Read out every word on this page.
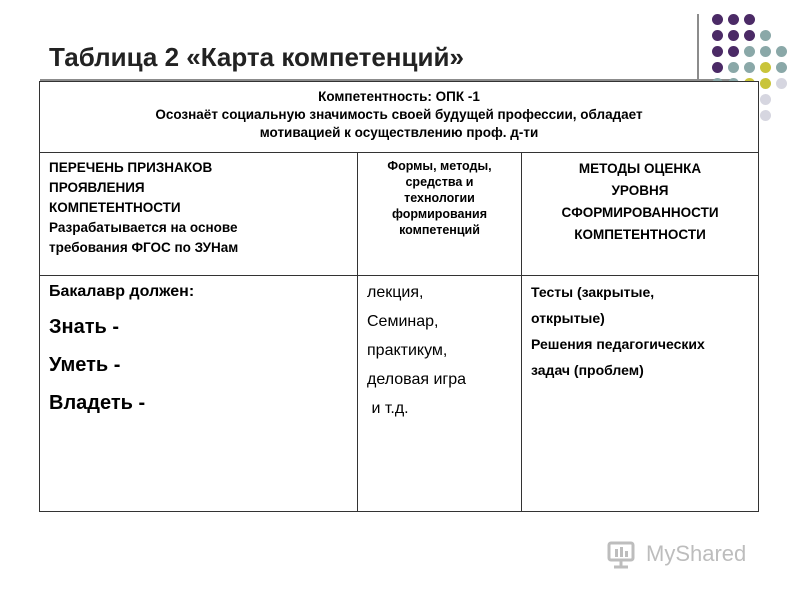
Таблица 2 «Карта компетенций»
Компетентность: ОПК -1
Осознаёт социальную значимость своей будущей профессии, обладает
мотивацией к осуществлению проф. д-ти
ПЕРЕЧЕНЬ ПРИЗНАКОВ
ПРОЯВЛЕНИЯ
КОМПЕТЕНТНОСТИ
Разрабатывается на основе
требования ФГОС по ЗУНам
Формы, методы,
средства и
технологии
формирования
компетенций
МЕТОДЫ ОЦЕНКА
УРОВНЯ
СФОРМИРОВАННОСТИ
КОМПЕТЕНТНОСТИ
Бакалавр должен:
Знать -
Уметь -
Владеть -
лекция,
Семинар,
практикум,
деловая игра
и т.д.
Тесты (закрытые,
открытые)
Решения педагогических
задач (проблем)
MyShared
